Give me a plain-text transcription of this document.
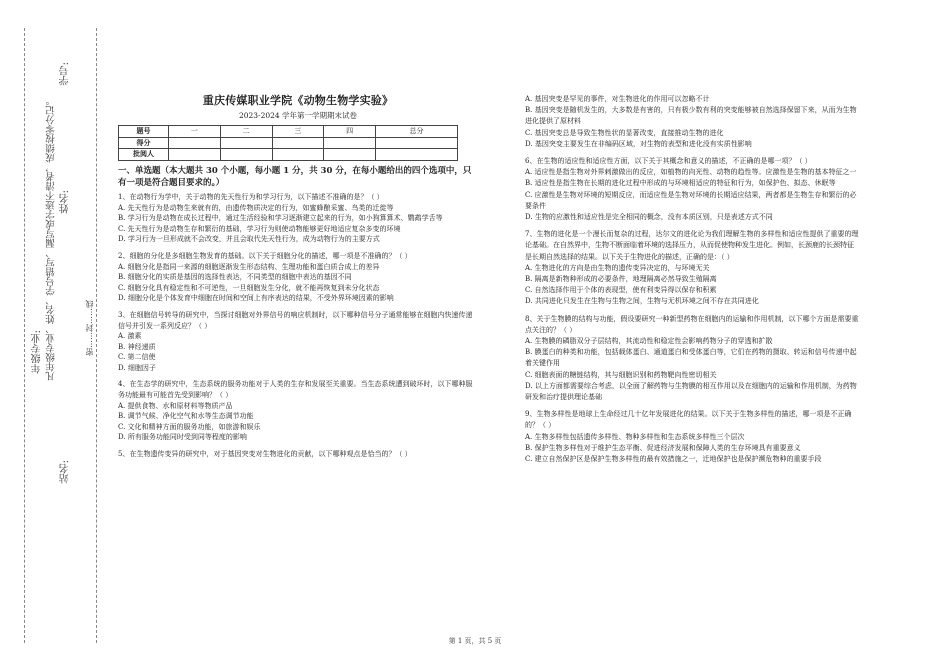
学号:
姓名:
年级专业:
站名:
凡年级专业、姓名、学号错写、漏写或字迹不清者，成绩按零分记。	密……封……线
重庆传媒职业学院《动物生物学实验》
2023-2024 学年第一学期期末试卷
题号	一	二	三	四	总分
得分					
批阅人					
一、单选题（本大题共 30 个小题，每小题 1 分，共 30 分，在每小题给出的四个选项中，只有一项是符合题目要求的。）
1、在动物行为学中，关于动物的先天性行为和学习行为，以下描述不准确的是？（ ）
A. 先天性行为是动物生来就有的，由遗传物质决定的行为，如蜜蜂酿采蜜、鸟类的迁徙等
B. 学习行为是动物在成长过程中，通过生活经验和学习逐渐建立起来的行为，如小狗算算术、鹦鹉学舌等
C. 先天性行为是动物生存和繁衍的基础，学习行为则使动物能够更好地适应复杂多变的环境
D. 学习行为一旦形成就不会改变，并且会取代先天性行为，成为动物行为的主要方式
2、细胞的分化是多细胞生物发育的基础。以下关于细胞分化的描述，哪一项是不准确的？（ ）
A. 细胞分化是指同一来源的细胞逐渐发生形态结构、生理功能和蛋白质合成上的差异
B. 细胞分化的实质是基因的选择性表达，不同类型的细胞中表达的基因不同
C. 细胞分化具有稳定性和不可逆性，一旦细胞发生分化，就不能再恢复到未分化状态
D. 细胞分化是个体发育中细胞在时间和空间上有序表达的结果，不受外界环境因素的影响
3、在细胞信号转导的研究中，当探讨细胞对外界信号的响应机制时，以下哪种信号分子通常能够在细胞内快速传递信号并引发一系列反应？（ ）
A. 激素
B. 神经递质
C. 第二信使
D. 细胞因子
4、在生态学的研究中，生态系统的服务功能对于人类的生存和发展至关重要。当生态系统遭到破坏时，以下哪种服务功能最有可能首先受到影响？（ ）
A. 提供食物、水和原材料等物质产品
B. 调节气候、净化空气和水等生态调节功能
C. 文化和精神方面的服务功能，如旅游和娱乐
D. 所有服务功能同时受到同等程度的影响
5、在生物遗传变异的研究中，对于基因突变对生物进化的贡献，以下哪种观点是恰当的？（ ）
A. 基因突变是罕见的事件，对生物进化的作用可以忽略不计
B. 基因突变是随机发生的，大多数是有害的，只有极少数有利的突变能够被自然选择保留下来，从而为生物进化提供了原材料
C. 基因突变总是导致生物性状的显著改变，直接推动生物的进化
D. 基因突变主要发生在非编码区域，对生物的表型和进化没有实质性影响
6、在生物的适应性和适应性方面，以下关于其概念和意义的描述，不正确的是哪一项？（ ）
A. 适应性是指生物对外界刺激做出的反应，如植物的向光性、动物的趋性等。应激性是生物的基本特征之一
B. 适应性是指生物在长期的进化过程中形成的与环境相适应的特征和行为，如保护色、拟态、休眠等
C. 应激性是生物对环境的短期反应，而适应性是生物对环境的长期适应结果，两者都是生物生存和繁衍的必要条件
D. 生物的应激性和适应性是完全相同的概念，没有本质区别，只是表述方式不同
7、生物的进化是一个漫长而复杂的过程，达尔文的进化论为我们理解生物的多样性和适应性提供了重要的理论基础。在自然界中，生物不断面临着环境的选择压力，从而促使物种发生进化。例如，长颈鹿的长颈特征是长期自然选择的结果。以下关于生物进化的描述，正确的是：（ ）
A. 生物进化的方向是由生物的遗传变异决定的，与环境无关
B. 隔离是新物种形成的必要条件，地理隔离必然导致生殖隔离
C. 自然选择作用于个体的表现型，使有利变异得以保存和积累
D. 共同进化只发生在生物与生物之间，生物与无机环境之间不存在共同进化
8、关于生物膜的结构与功能，假设要研究一种新型药物在细胞内的运输和作用机制，以下哪个方面是需要重点关注的？（ ）
A. 生物膜的磷脂双分子层结构，其流动性和稳定性会影响药物分子的穿透和扩散
B. 膜蛋白的种类和功能，包括载体蛋白、通道蛋白和受体蛋白等，它们在药物的摄取、转运和信号传递中起着关键作用
C. 细胞表面的糖链结构，其与细胞识别和药物靶向性密切相关
D. 以上方面都需要综合考虑，以全面了解药物与生物膜的相互作用以及在细胞内的运输和作用机制，为药物研发和治疗提供理论基础
9、生物多样性是地球上生命经过几十亿年发展进化的结果。以下关于生物多样性的描述，哪一项是不正确的？（ ）
A. 生物多样性包括遗传多样性、物种多样性和生态系统多样性三个层次
B. 保护生物多样性对于维护生态平衡、促进经济发展和保障人类的生存环境具有重要意义
C. 建立自然保护区是保护生物多样性的最有效措施之一，迁地保护也是保护濒危物种的重要手段
第 1 页，共 5 页
